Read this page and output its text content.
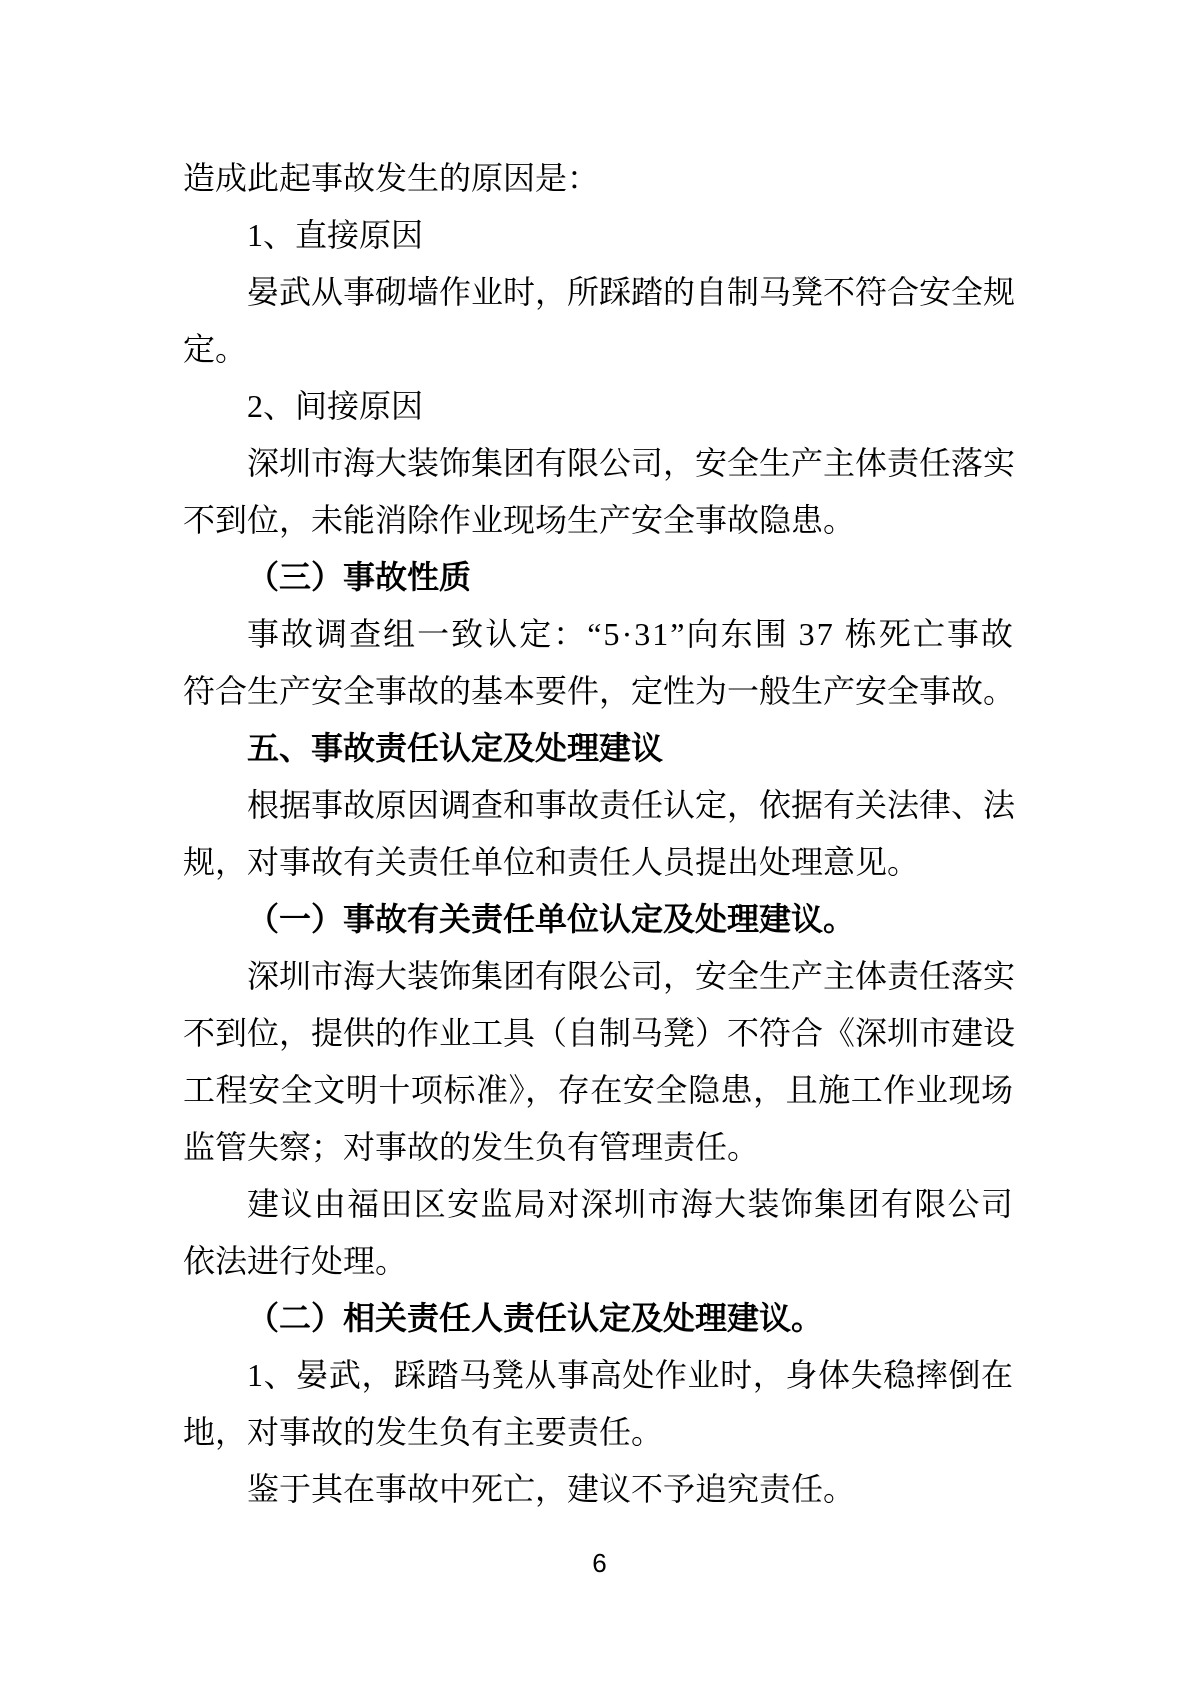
造成此起事故发生的原因是：
1、直接原因
晏武从事砌墙作业时，所踩踏的自制马凳不符合安全规
定。
2、间接原因
深圳市海大装饰集团有限公司，安全生产主体责任落实
不到位，未能消除作业现场生产安全事故隐患。
（三）事故性质
事故调查组一致认定：“5·31”向东围 37 栋死亡事故
符合生产安全事故的基本要件，定性为一般生产安全事故。
五、事故责任认定及处理建议
根据事故原因调查和事故责任认定，依据有关法律、法
规，对事故有关责任单位和责任人员提出处理意见。
（一）事故有关责任单位认定及处理建议。
深圳市海大装饰集团有限公司，安全生产主体责任落实
不到位，提供的作业工具（自制马凳）不符合《深圳市建设
工程安全文明十项标准》，存在安全隐患，且施工作业现场
监管失察；对事故的发生负有管理责任。
建议由福田区安监局对深圳市海大装饰集团有限公司
依法进行处理。
（二）相关责任人责任认定及处理建议。
1、晏武，踩踏马凳从事高处作业时，身体失稳摔倒在
地，对事故的发生负有主要责任。
鉴于其在事故中死亡，建议不予追究责任。
6
